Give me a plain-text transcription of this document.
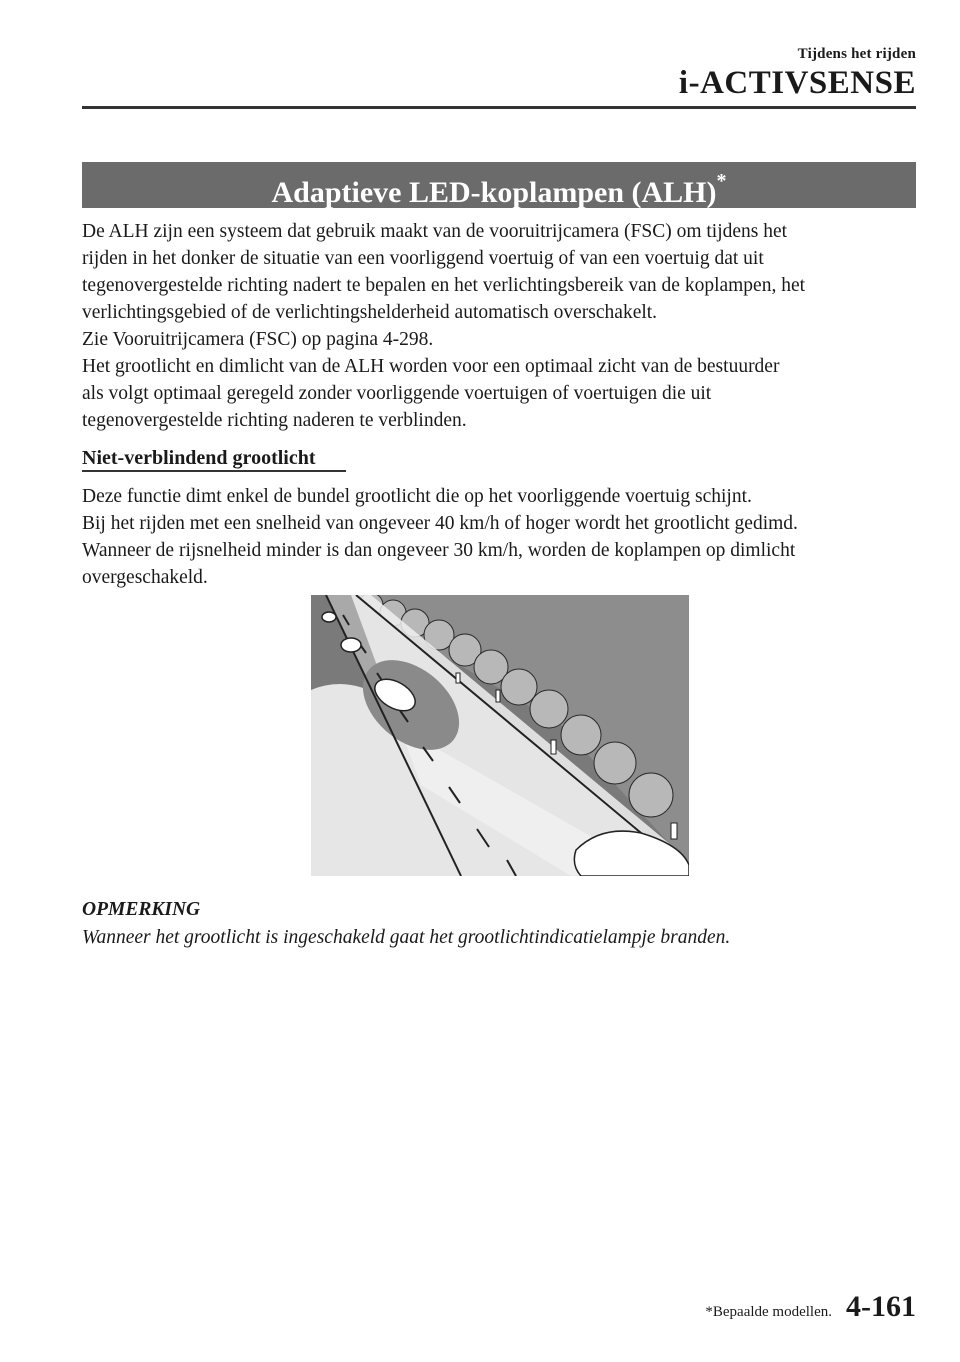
Tijdens het rijden
i-ACTIVSENSE
Adaptieve LED-koplampen (ALH)*

De ALH zijn een systeem dat gebruik maakt van de vooruitrijcamera (FSC) om tijdens het

rijden in het donker de situatie van een voorliggend voertuig of van een voertuig dat uit

tegenovergestelde richting nadert te bepalen en het verlichtingsbereik van de koplampen, het

verlichtingsgebied of de verlichtingshelderheid automatisch overschakelt.

Zie Vooruitrijcamera (FSC) op pagina 4-298.

Het grootlicht en dimlicht van de ALH worden voor een optimaal zicht van de bestuurder

als volgt optimaal geregeld zonder voorliggende voertuigen of voertuigen die uit

tegenovergestelde richting naderen te verblinden.

Niet-verblindend grootlicht

Deze functie dimt enkel de bundel grootlicht die op het voorliggende voertuig schijnt.

Bij het rijden met een snelheid van ongeveer 40 km/h of hoger wordt het grootlicht gedimd.

Wanneer de rijsnelheid minder is dan ongeveer 30 km/h, worden de koplampen op dimlicht

overgeschakeld.

OPMERKING
Wanneer het grootlicht is ingeschakeld gaat het grootlichtindicatielampje branden.
*Bepaalde modellen. 4-161
